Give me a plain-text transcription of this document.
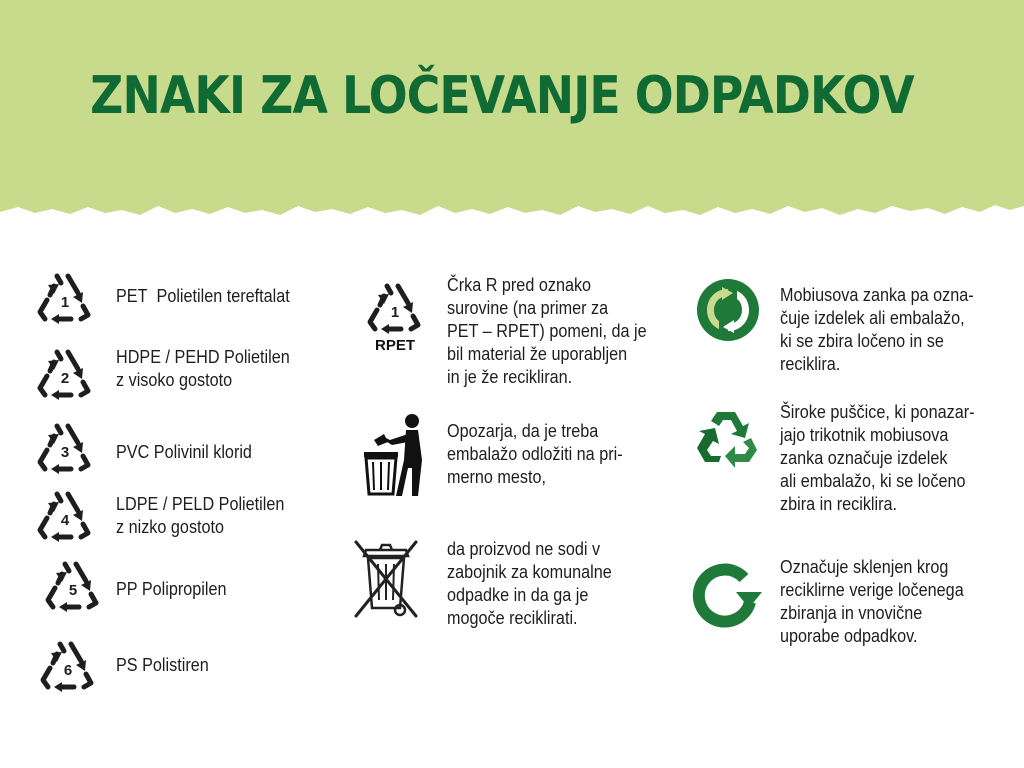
ZNAKI ZA LOČEVANJE ODPADKOV
1	PET Polietilen tereftalat
2
HDPE / PEHD Polietilen
z visoko gostoto
3	PVC Polivinil klorid
4
LDPE / PELD Polietilen
z nizko gostoto
5 PP Polipropilen
6 PS Polistiren
1
RPET
Črka R pred oznako
surovine (na primer za
PET – RPET) pomeni, da je
bil material že uporabljen
in je že recikliran.
Opozarja, da je treba
embalažo odložiti na pri-
merno mesto,
da proizvod ne sodi v
zabojnik za komunalne
odpadke in da ga je
mogoče reciklirati.
Mobiusova zanka pa ozna-
čuje izdelek ali embalažo,
ki se zbira ločeno in se
reciklira.
Široke puščice, ki ponazar-
jajo trikotnik mobiusova
zanka označuje izdelek
ali embalažo, ki se ločeno
zbira in reciklira.
Označuje sklenjen krog
reciklirne verige ločenega
zbiranja in vnovične
uporabe odpadkov.
